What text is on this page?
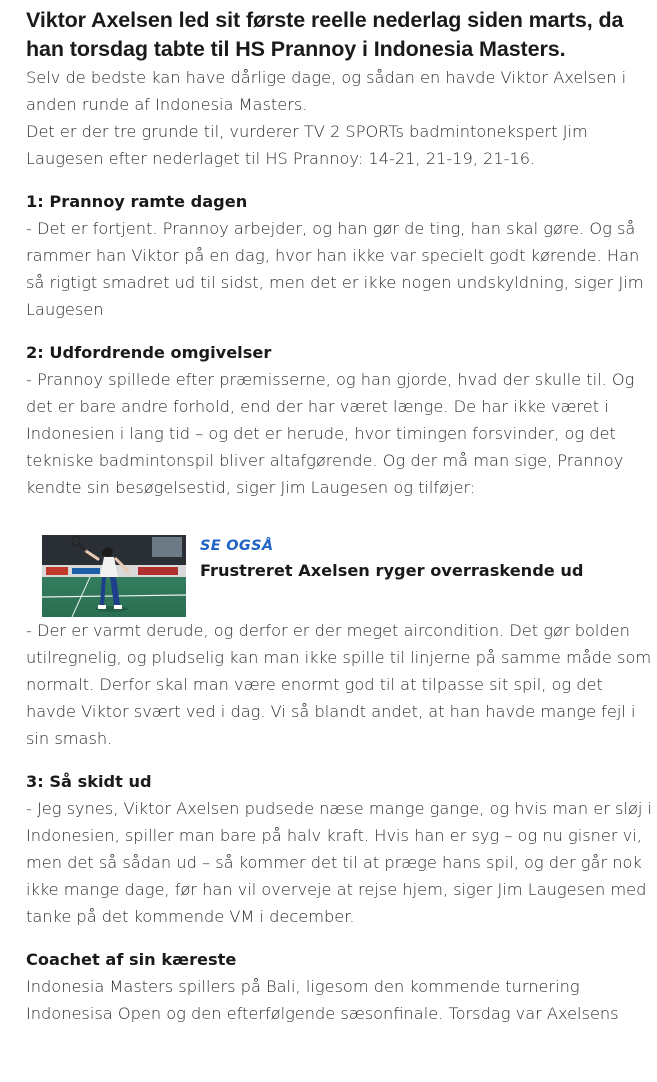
Viktor Axelsen led sit første reelle nederlag siden marts, da han torsdag tabte til HS Prannoy i Indonesia Masters.

Selv de bedste kan have dårlige dage, og sådan en havde Viktor Axelsen i anden runde af Indonesia Masters.

Det er der tre grunde til, vurderer TV 2 SPORTs badmintonekspert Jim Laugesen efter nederlaget til HS Prannoy: 14-21, 21-19, 21-16.

1: Prannoy ramte dagen

- Det er fortjent. Prannoy arbejder, og han gør de ting, han skal gøre. Og så rammer han Viktor på en dag, hvor han ikke var specielt godt kørende. Han så rigtigt smadret ud til sidst, men det er ikke nogen undskyldning, siger Jim Laugesen

2: Udfordrende omgivelser

- Prannoy spillede efter præmisserne, og han gjorde, hvad der skulle til. Og det er bare andre forhold, end der har været længe. De har ikke været i Indonesien i lang tid – og det er herude, hvor timingen forsvinder, og det tekniske badmintonspil bliver altafgørende. Og der må man sige, Prannoy kendte sin besøgelsestid, siger Jim Laugesen og tilføjer:

SE OGSÅ
Frustreret Axelsen ryger overraskende ud

- Der er varmt derude, og derfor er der meget aircondition. Det gør bolden utilregnelig, og pludselig kan man ikke spille til linjerne på samme måde som normalt. Derfor skal man være enormt god til at tilpasse sit spil, og det havde Viktor svært ved i dag. Vi så blandt andet, at han havde mange fejl i sin smash.

3: Så skidt ud

- Jeg synes, Viktor Axelsen pudsede næse mange gange, og hvis man er sløj i Indonesien, spiller man bare på halv kraft. Hvis han er syg – og nu gisner vi, men det så sådan ud – så kommer det til at præge hans spil, og der går nok ikke mange dage, før han vil overveje at rejse hjem, siger Jim Laugesen med tanke på det kommende VM i december.

Coachet af sin kæreste

Indonesia Masters spillers på Bali, ligesom den kommende turnering Indonesisa Open og den efterfølgende sæsonfinale. Torsdag var Axelsens
